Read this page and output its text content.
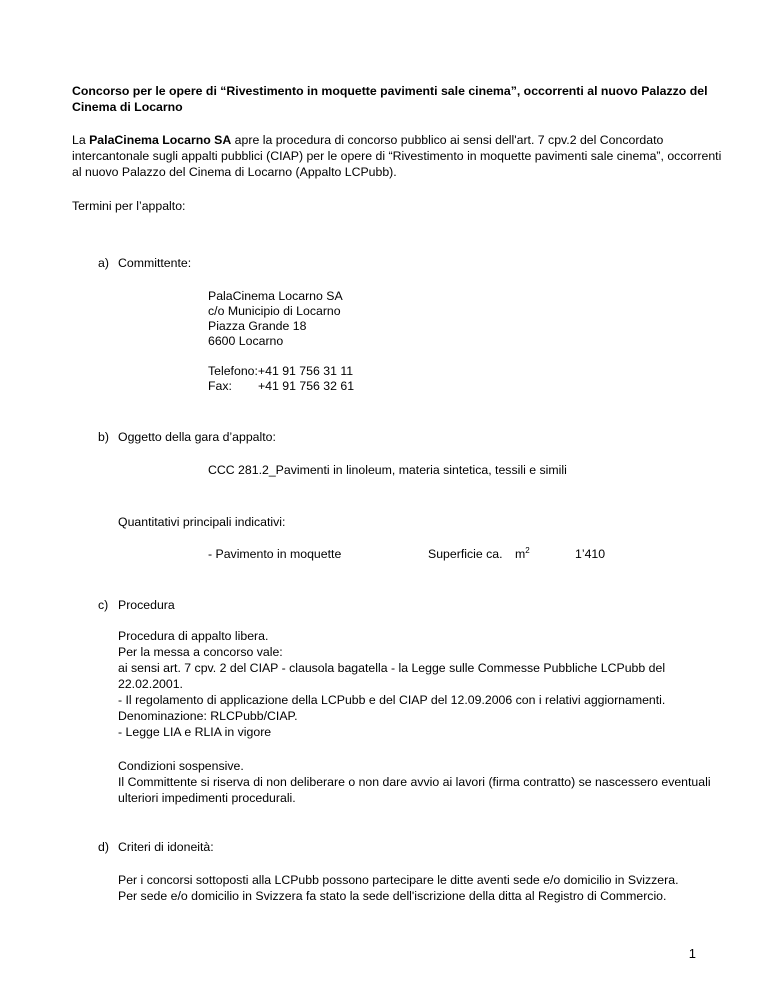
Concorso per le opere di “Rivestimento in moquette pavimenti sale cinema”, occorrenti al nuovo Palazzo del
Cinema di Locarno
La PalaCinema Locarno SA apre la procedura di concorso pubblico ai sensi dell'art. 7 cpv.2 del Concordato
intercantonale sugli appalti pubblici (CIAP) per le opere di “Rivestimento in moquette pavimenti sale cinema”, occorrenti
al nuovo Palazzo del Cinema di Locarno (Appalto LCPubb).
Termini per l’appalto:
a) Committente:
PalaCinema Locarno SA
c/o Municipio di Locarno
Piazza Grande 18
6600 Locarno
Telefono:+41 91 756 31 11
Fax: +41 91 756 32 61
b) Oggetto della gara d’appalto:
CCC 281.2_Pavimenti in linoleum, materia sintetica, tessili e simili
Quantitativi principali indicativi:
- Pavimento in moquette	Superficie ca. $m^2$	1’410
c) Procedura
Procedura di appalto libera.
Per la messa a concorso vale:
ai sensi art. 7 cpv. 2 del CIAP - clausola bagatella - la Legge sulle Commesse Pubbliche LCPubb del
22.02.2001.
- Il regolamento di applicazione della LCPubb e del CIAP del 12.09.2006 con i relativi aggiornamenti.
Denominazione: RLCPubb/CIAP.
- Legge LIA e RLIA in vigore
Condizioni sospensive.
Il Committente si riserva di non deliberare o non dare avvio ai lavori (firma contratto) se nascessero eventuali
ulteriori impedimenti procedurali.
d) Criteri di idoneità:
Per i concorsi sottoposti alla LCPubb possono partecipare le ditte aventi sede e/o domicilio in Svizzera.
Per sede e/o domicilio in Svizzera fa stato la sede dell'iscrizione della ditta al Registro di Commercio.
1
